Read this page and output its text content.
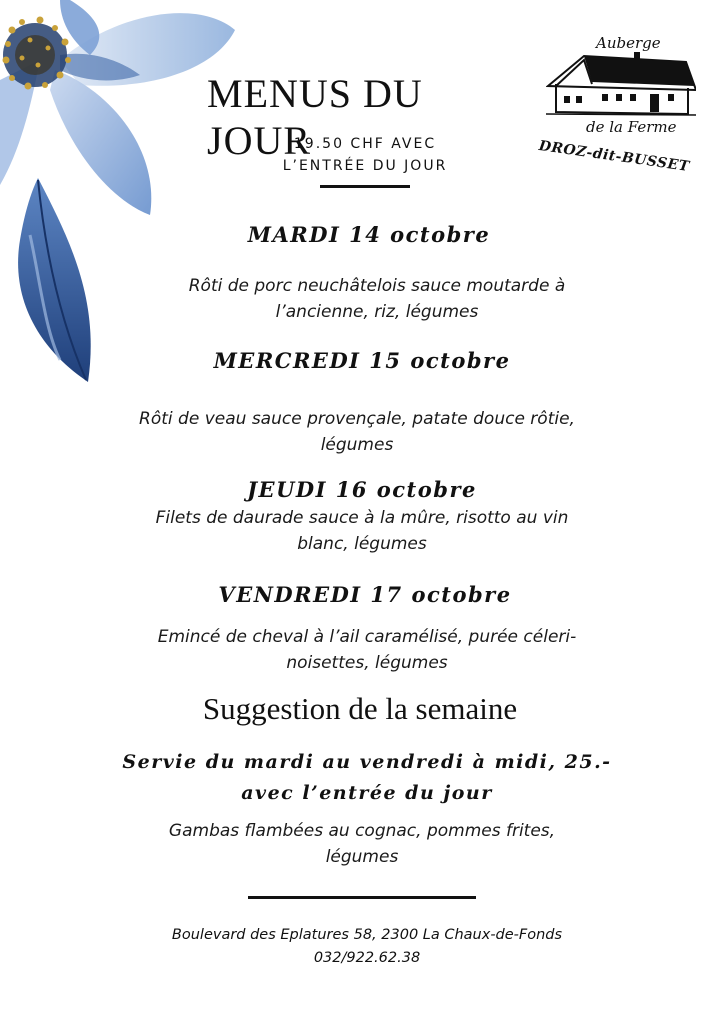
Auberge
de la Ferme
DROZ-dit-BUSSET
MENUS DU JOUR
19.50 CHF AVEC
L’ENTRÉE DU JOUR
MARDI 14 octobre
Rôti de porc neuchâtelois sauce moutarde à
l’ancienne, riz, légumes
MERCREDI 15 octobre
Rôti de veau sauce provençale, patate douce rôtie,
légumes
JEUDI 16 octobre
Filets de daurade sauce à la mûre, risotto au vin
blanc, légumes
VENDREDI 17 octobre
Emincé de cheval à l’ail caramélisé, purée céleri-
noisettes, légumes
Suggestion de la semaine
Servie du mardi au vendredi à midi, 25.-
avec l’entrée du jour
Gambas flambées au cognac, pommes frites,
légumes
Boulevard des Eplatures 58, 2300 La Chaux-de-Fonds
032/922.62.38
